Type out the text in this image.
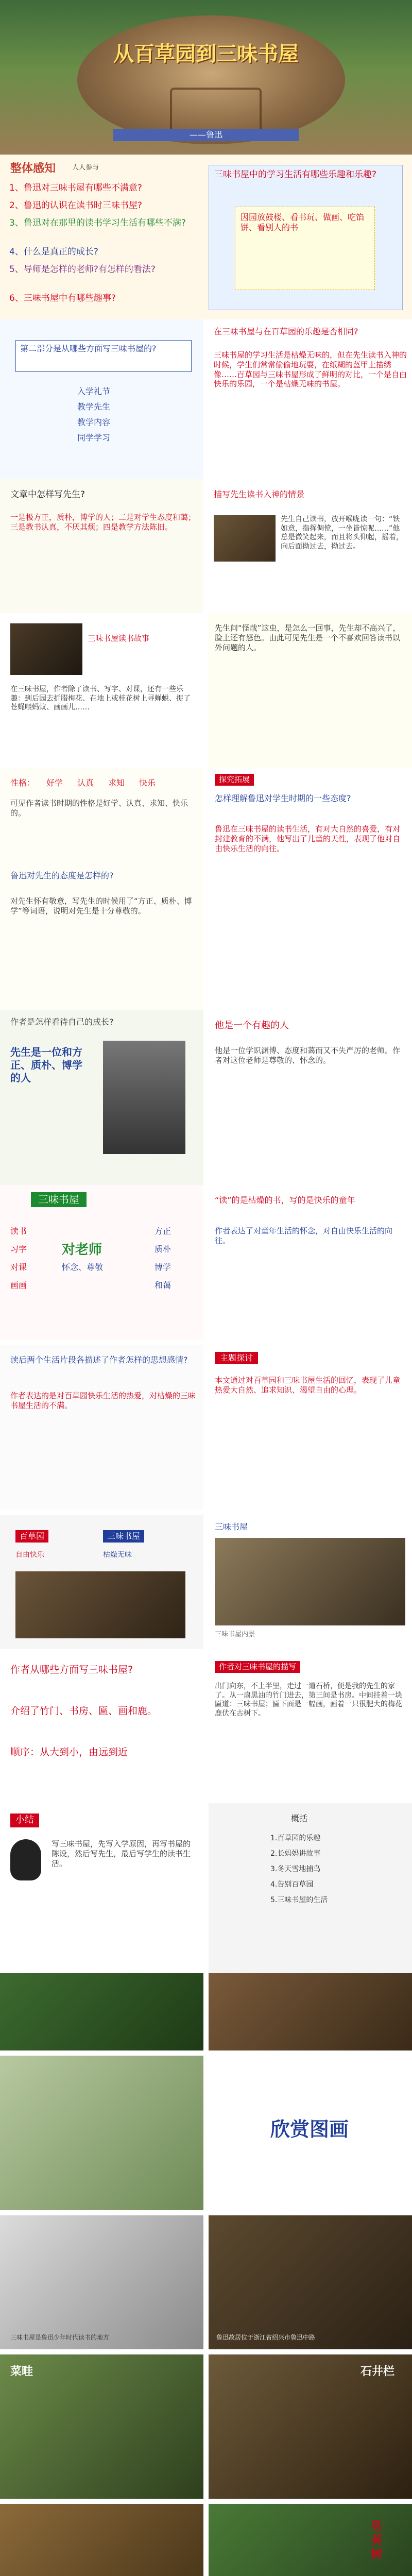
从百草园到三味书屋
——鲁迅
整体感知 人人参与
1、鲁迅对三味书屋有哪些不满意?
2、鲁迅的认识在读书时三味书屋?
3、鲁迅对在那里的读书学习生活有哪些不满?
4、什么是真正的成长?
5、导师是怎样的老师?有怎样的看法?
6、三味书屋中有哪些趣事?
三味书屋中的学习生活有哪些乐趣和乐趣?
因园放鼓楼、看书玩、做画、吃馅饼、看别人的书
第二部分是从哪些方面写三味书屋的?
入学礼节
教学先生
教学内容
同学学习
在三味书屋与在百草园的乐趣是否相同?
三味书屋的学习生活是枯燥无味的，但在先生读书入神的时候，学生们常常偷偷地玩耍，在纸糊的盔甲上描绣像……百草园与三味书屋形成了鲜明的对比，一个是自由快乐的乐园，一个是枯燥无味的书屋。
文章中怎样写先生?
一是极方正，质朴，博学的人；二是对学生态度和蔼；三是教书认真，不厌其烦；四是教学方法陈旧。
描写先生读书入神的情景
先生自己读书，放开喉咙读一句：“铁如意，指挥倜傥，一坐皆惊呢……”他总是微笑起来，而且将头仰起，摇着，向后面拗过去，拗过去。
三味书屋读书故事
在三味书屋，作者除了读书、写字、对课，还有一些乐趣：到后园去折腊梅花、在地上或桂花树上寻蝉蜕、捉了苍蝇喂蚂蚁、画画儿……
先生问“怪哉”这虫，是怎么一回事，先生却不高兴了，脸上还有怒色。由此可见先生是一个不喜欢回答读书以外问题的人。
性格： 好学 认真 求知 快乐
可见作者读书时期的性格是好学、认真、求知、快乐的。
鲁迅对先生的态度是怎样的?
对先生怀有敬意，写先生的时候用了“方正、质朴、博学”等词语，说明对先生是十分尊敬的。
探究拓展
怎样理解鲁迅对学生时期的一些态度?
鲁迅在三味书屋的读书生活，有对大自然的喜爱，有对封建教育的不满，他写出了儿童的天性，表现了他对自由快乐生活的向往。
作者是怎样看待自己的成长?
先生是一位和方正、质朴、博学的人
他是一个有趣的人
他是一位学识渊博、态度和蔼而又不失严厉的老师。作者对这位老师是尊敬的、怀念的。
三味书屋
读书
习字
对课
画画
对老师
怀念、尊敬
方正
质朴
博学
和蔼
“读”的是枯燥的书，写的是快乐的童年
作者表达了对童年生活的怀念，对自由快乐生活的向往。
读后两个生活片段各描述了作者怎样的思想感情?
作者表达的是对百草园快乐生活的热爱，对枯燥的三味书屋生活的不满。
主题探讨
本文通过对百草园和三味书屋生活的回忆，表现了儿童热爱大自然、追求知识、渴望自由的心理。
百草园	三味书屋
自由快乐	枯燥无味
三味书屋
三味书屋内景
作者从哪些方面写三味书屋?
介绍了竹门、书房、匾、画和鹿。
顺序：从大到小，由远到近
作者对三味书屋的描写
出门向东，不上半里，走过一道石桥，便是我的先生的家了。从一扇黑油的竹门进去，第三间是书房。中间挂着一块匾道：三味书屋；匾下面是一幅画，画着一只很肥大的梅花鹿伏在古树下。
小结
写三味书屋，先写入学原因，再写书屋的陈设，然后写先生，最后写学生的读书生活。
概括
1.百草园的乐趣
2.长妈妈讲故事
3.冬天雪地捕鸟
4.告别百草园
5.三味书屋的生活
欣赏图画
三味书屋是鲁迅少年时代读书的地方	鲁迅故居位于浙江省绍兴市鲁迅中路
菜畦	石井栏
皂荚树
